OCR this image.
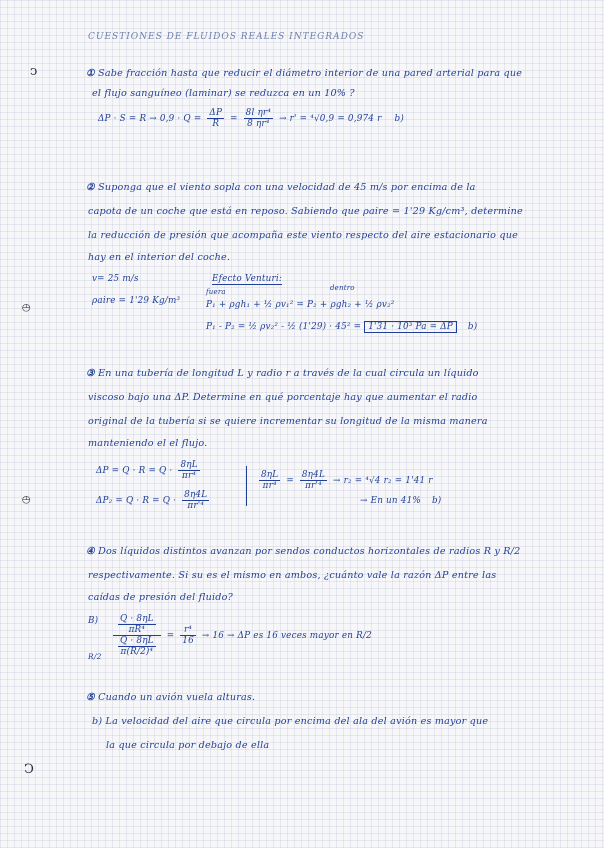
CUESTIONES DE FLUIDOS REALES INTEGRADOS
ↄ
⦺
⦺
Ↄ
① Sabe fracción hasta que reducir el diámetro interior de una pared arterial para que
el flujo sanguíneo (laminar) se reduzca en un 10% ?
$\Delta P \cdot S = R \to 0,9 \cdot Q = \frac{\Delta P}{R} = \frac{\text{8l ηr⁴}}{\text{8 ηr⁴}} \to r' = ^4√0,9 = 0,974$ r b)
② Suponga que el viento sopla con una velocidad de 45 m/s por encima de la
capota de un coche que está en reposo. Sabiendo que ρaire = 1'29 Kg/cm³, determine
la reducción de presión que acompaña este viento respecto del aire estacionario que
hay en el interior del coche.
v= 25 m/s
ρaire = 1'29 Kg/m³
Efecto Venturi:
fuera	dentro
P₁ + ρgh₁ + ½ ρv₁² = P₂ + ρgh₂ + ½ ρv₂²
P₁ - P₂ = ½ ρv₂² - ½ (1'29) · 45² = 1'31 · 10³ Pa = ΔP b)
③ En una tubería de longitud L y radio r a través de la cual circula un líquido
viscoso bajo una ΔP. Determine en qué porcentaje hay que aumentar el radio
original de la tubería si se quiere incrementar su longitud de la misma manera
manteniendo el el flujo.
$\Delta P = Q \cdot R = Q \cdot \frac{8\eta L}{\text{πr⁴}}$
$\Delta P_2 = Q \cdot R = Q \cdot \frac{8\eta 4L}{\text{πr'⁴}}$
$\frac{8\eta L}{\text{πr⁴}} = \frac{8\eta 4L}{\text{πr'⁴}} \to r_2 = ^4√4$ r₂ = 1'41 r
→ En un 41% b)
④ Dos líquidos distintos avanzan por sendos conductos horizontales de radios R y R/2
respectivamente. Si su es el mismo en ambos, ¿cuánto vale la razón ΔP entre las
caídas de presión del fluido?
B)
$R/2 \frac{\frac{Q \cdot 8\eta L}{\text{πR⁴}}}{\frac{Q \cdot 8\eta L}{\text{π(R/2)⁴}}} = \frac{\text{r⁴}}{16} \to 16 \to \Delta P$ es 16 veces mayor en R/2
⑤ Cuando un avión vuela alturas.
b) La velocidad del aire que circula por encima del ala del avión es mayor que
la que circula por debajo de ella
